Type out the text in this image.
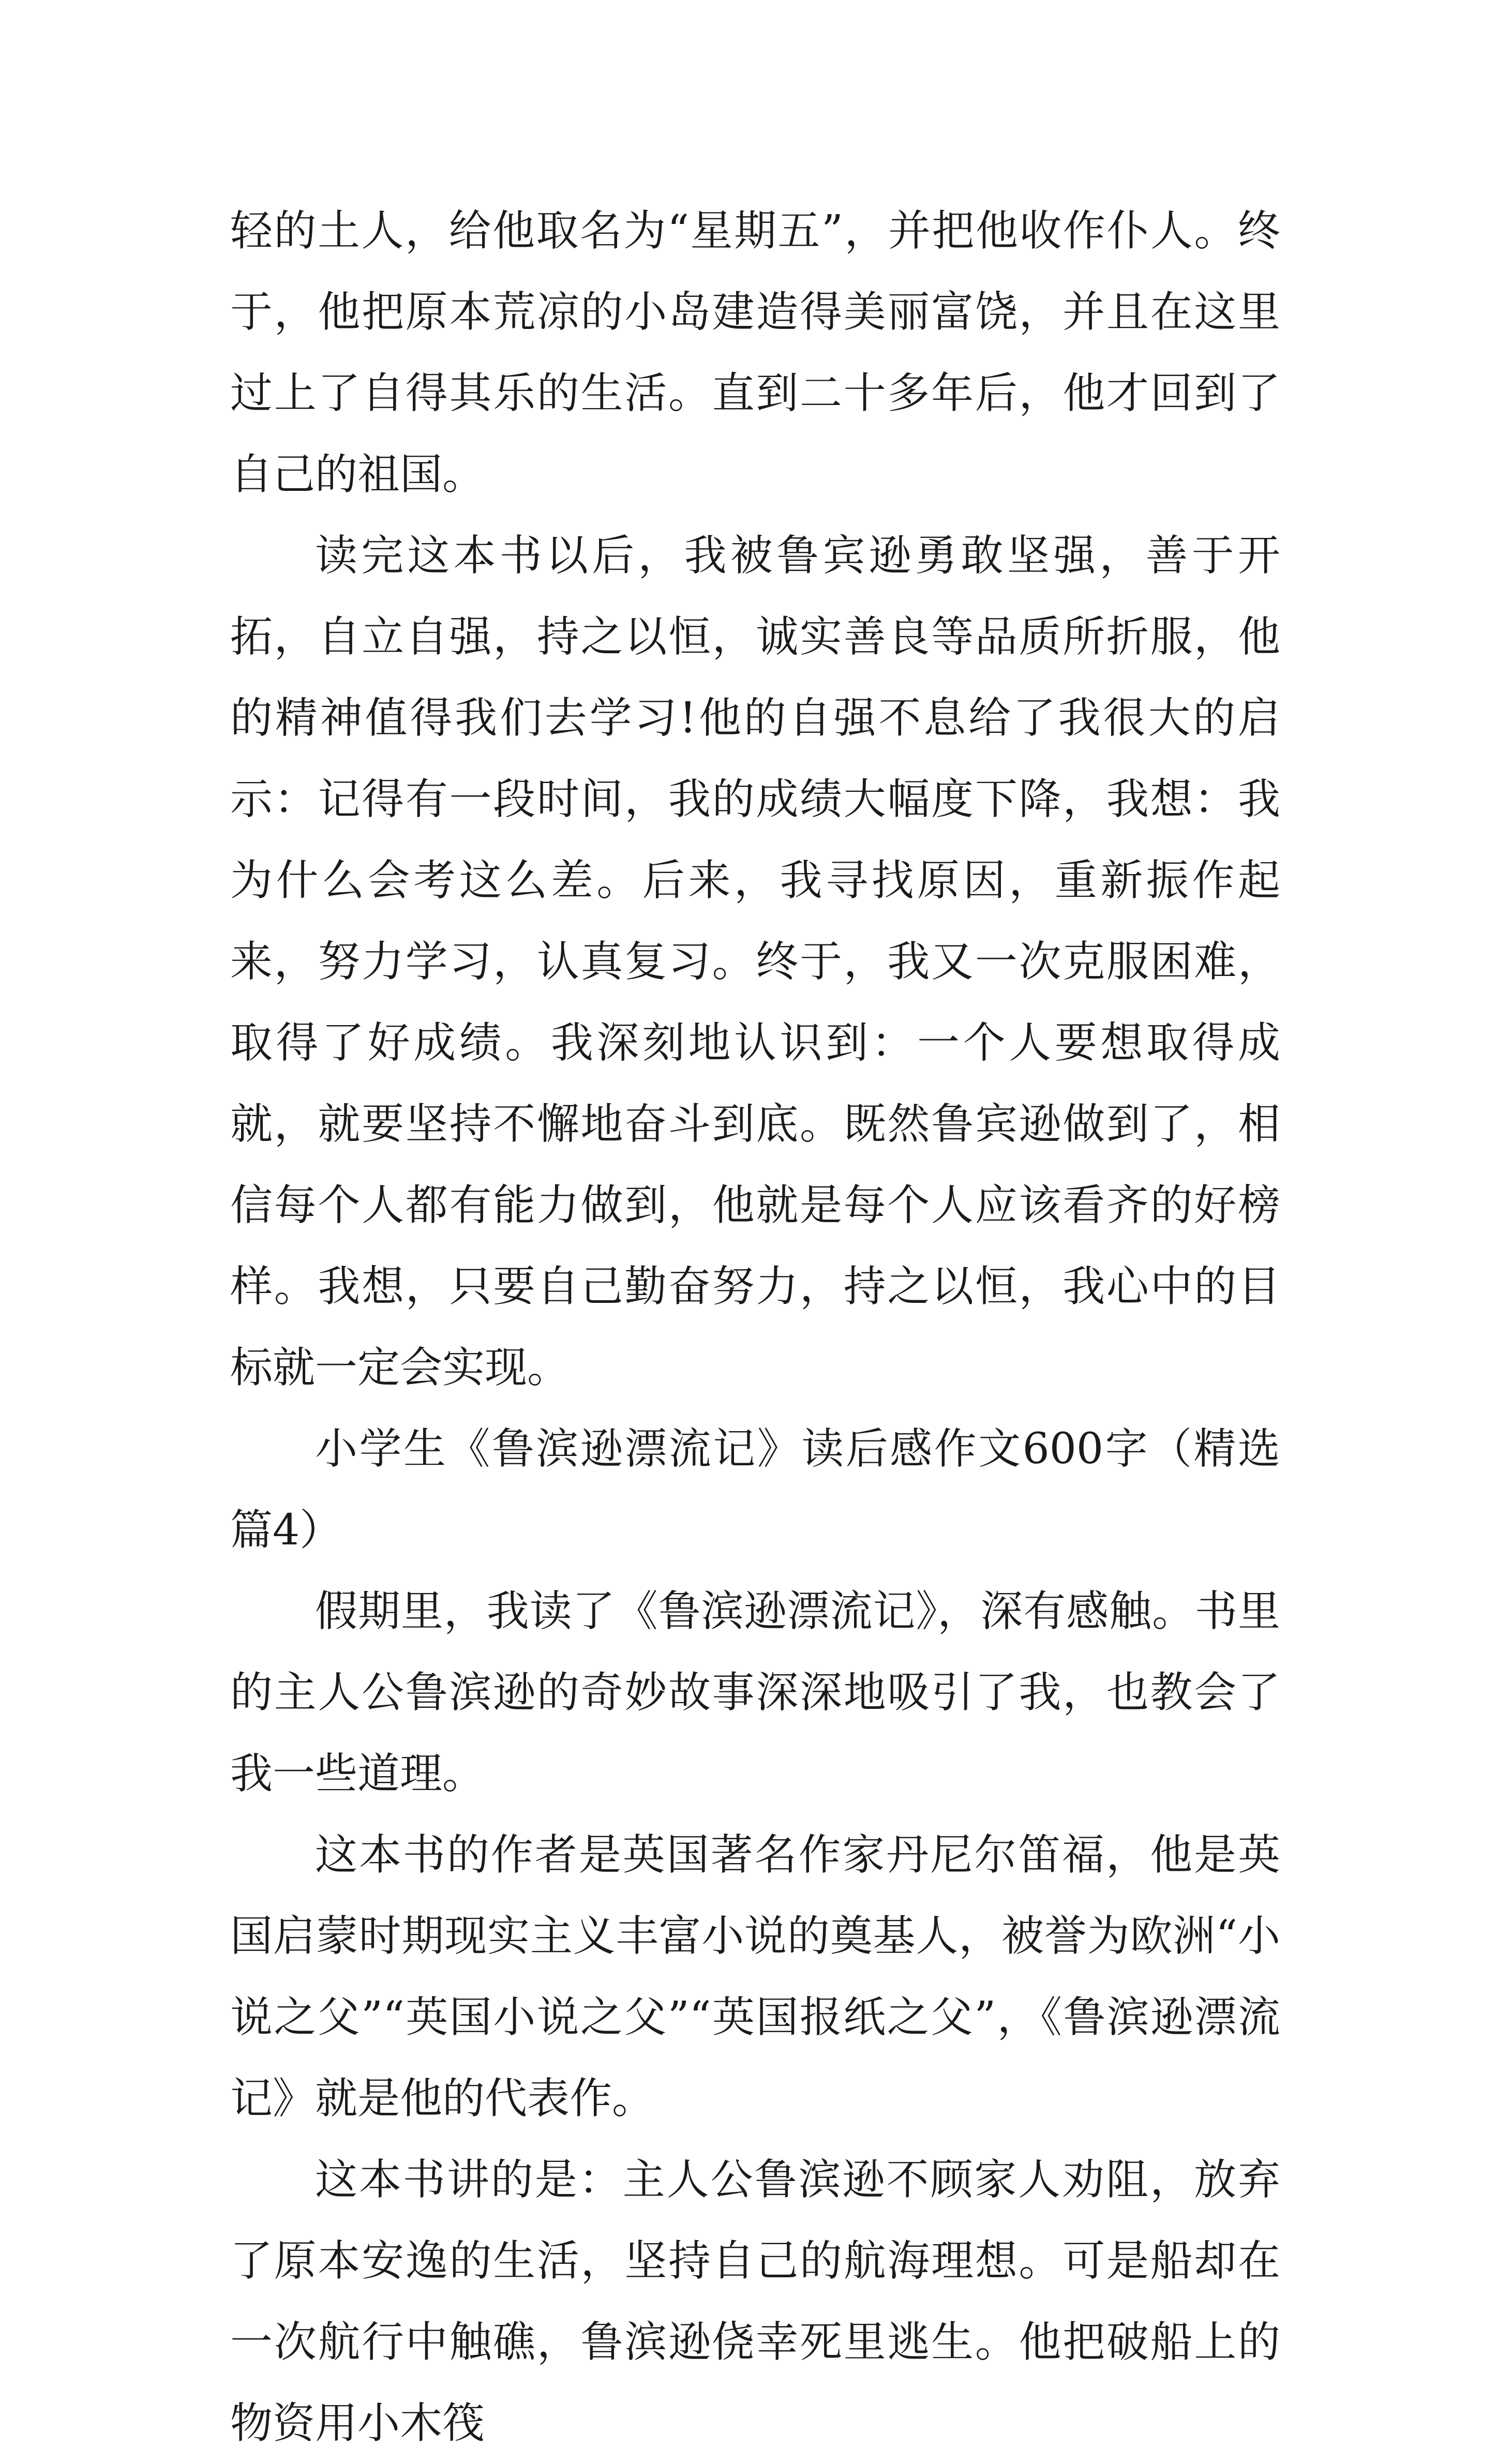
轻的土人，给他取名为“星期五”，并把他收作仆人。终于，他把原本荒凉的小岛建造得美丽富饶，并且在这里过上了自得其乐的生活。直到二十多年后，他才回到了自己的祖国。

读完这本书以后，我被鲁宾逊勇敢坚强，善于开拓，自立自强，持之以恒，诚实善良等品质所折服，他的精神值得我们去学习!他的自强不息给了我很大的启示：记得有一段时间，我的成绩大幅度下降，我想：我为什么会考这么差。后来，我寻找原因，重新振作起来，努力学习，认真复习。终于，我又一次克服困难，取得了好成绩。我深刻地认识到：一个人要想取得成就，就要坚持不懈地奋斗到底。既然鲁宾逊做到了，相信每个人都有能力做到，他就是每个人应该看齐的好榜样。我想，只要自己勤奋努力，持之以恒，我心中的目标就一定会实现。

小学生《鲁滨逊漂流记》读后感作文600字（精选篇4）

假期里，我读了《鲁滨逊漂流记》，深有感触。书里的主人公鲁滨逊的奇妙故事深深地吸引了我，也教会了我一些道理。

这本书的作者是英国著名作家丹尼尔笛福，他是英国启蒙时期现实主义丰富小说的奠基人，被誉为欧洲“小说之父”“英国小说之父”“英国报纸之父”，《鲁滨逊漂流记》就是他的代表作。

这本书讲的是：主人公鲁滨逊不顾家人劝阻，放弃了原本安逸的生活，坚持自己的航海理想。可是船却在一次航行中触礁，鲁滨逊侥幸死里逃生。他把破船上的物资用小木筏
